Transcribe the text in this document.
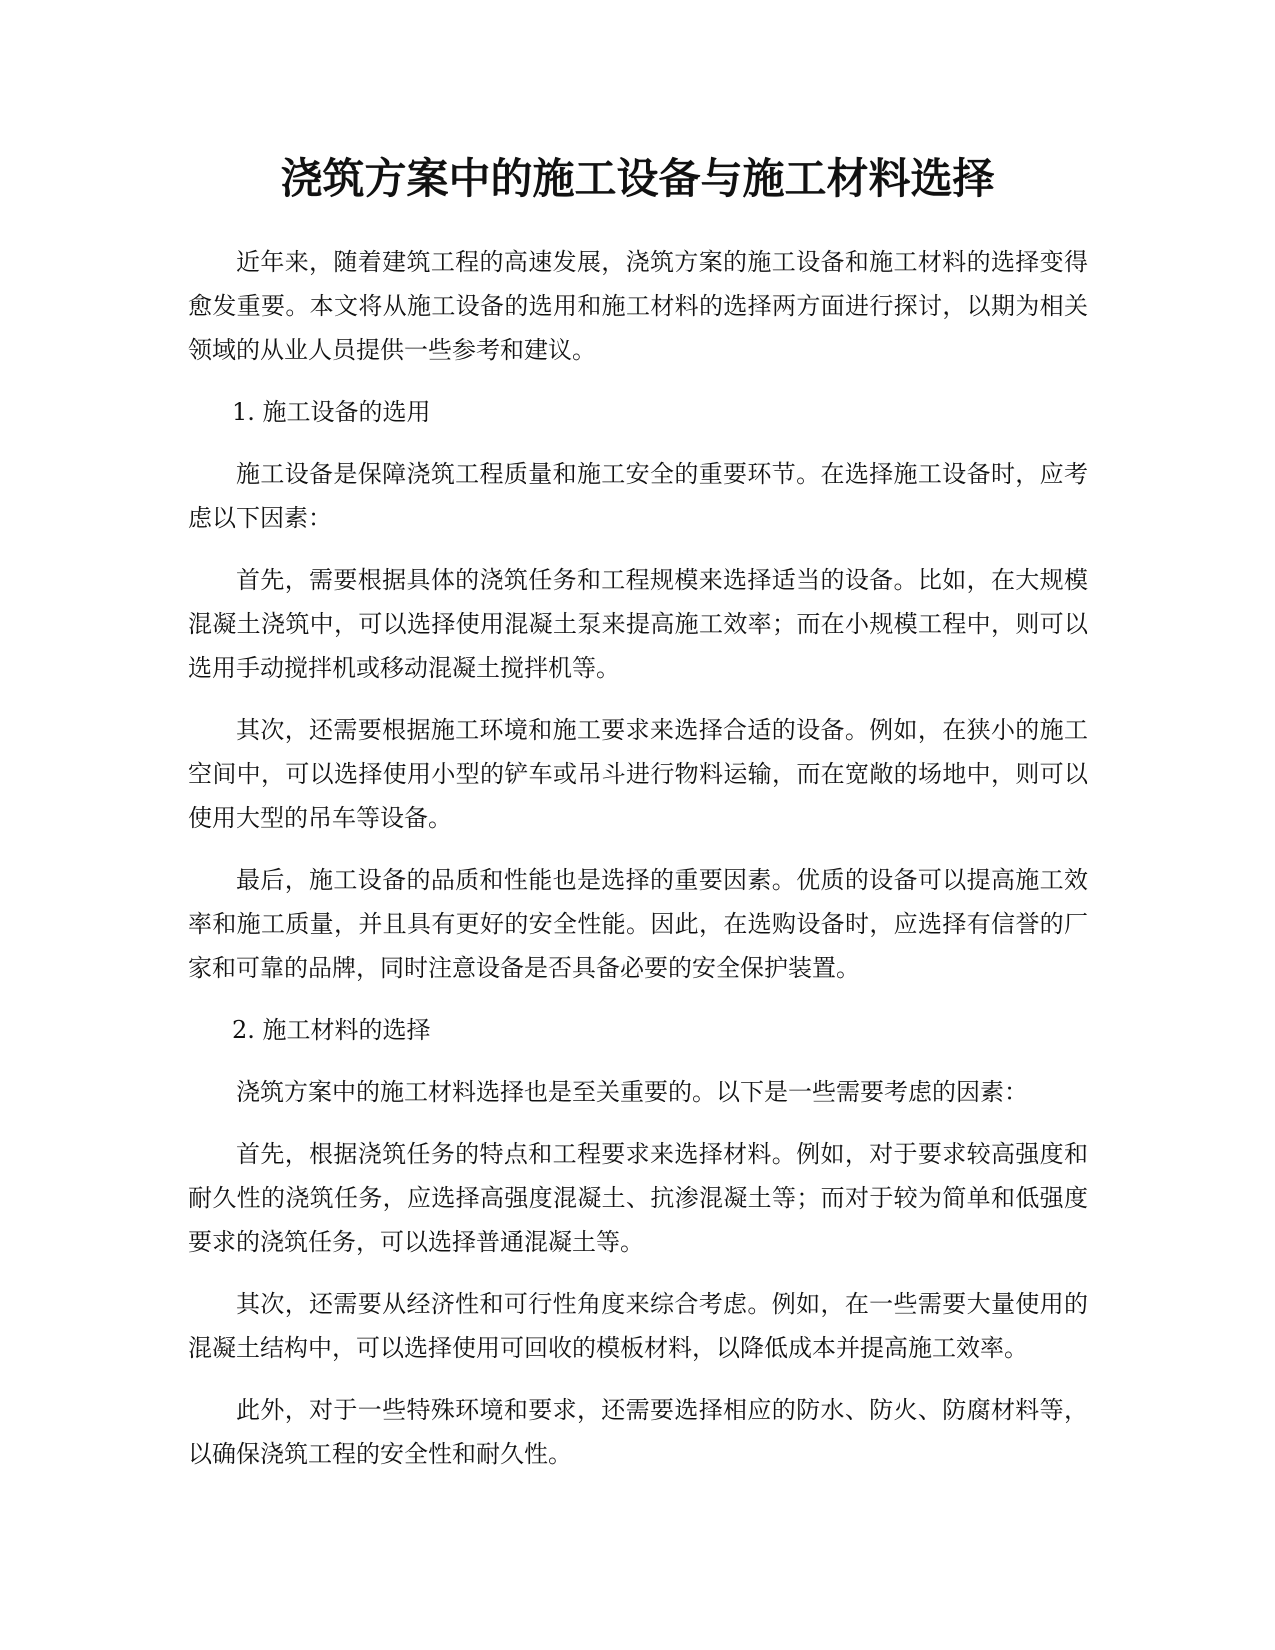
浇筑方案中的施工设备与施工材料选择

近年来，随着建筑工程的高速发展，浇筑方案的施工设备和施工材料的选择变得愈发重要。本文将从施工设备的选用和施工材料的选择两方面进行探讨，以期为相关领域的从业人员提供一些参考和建议。

1. 施工设备的选用

施工设备是保障浇筑工程质量和施工安全的重要环节。在选择施工设备时，应考虑以下因素：

首先，需要根据具体的浇筑任务和工程规模来选择适当的设备。比如，在大规模混凝土浇筑中，可以选择使用混凝土泵来提高施工效率；而在小规模工程中，则可以选用手动搅拌机或移动混凝土搅拌机等。

其次，还需要根据施工环境和施工要求来选择合适的设备。例如，在狭小的施工空间中，可以选择使用小型的铲车或吊斗进行物料运输，而在宽敞的场地中，则可以使用大型的吊车等设备。

最后，施工设备的品质和性能也是选择的重要因素。优质的设备可以提高施工效率和施工质量，并且具有更好的安全性能。因此，在选购设备时，应选择有信誉的厂家和可靠的品牌，同时注意设备是否具备必要的安全保护装置。

2. 施工材料的选择

浇筑方案中的施工材料选择也是至关重要的。以下是一些需要考虑的因素：

首先，根据浇筑任务的特点和工程要求来选择材料。例如，对于要求较高强度和耐久性的浇筑任务，应选择高强度混凝土、抗渗混凝土等；而对于较为简单和低强度要求的浇筑任务，可以选择普通混凝土等。

其次，还需要从经济性和可行性角度来综合考虑。例如，在一些需要大量使用的混凝土结构中，可以选择使用可回收的模板材料，以降低成本并提高施工效率。

此外，对于一些特殊环境和要求，还需要选择相应的防水、防火、防腐材料等，以确保浇筑工程的安全性和耐久性。
